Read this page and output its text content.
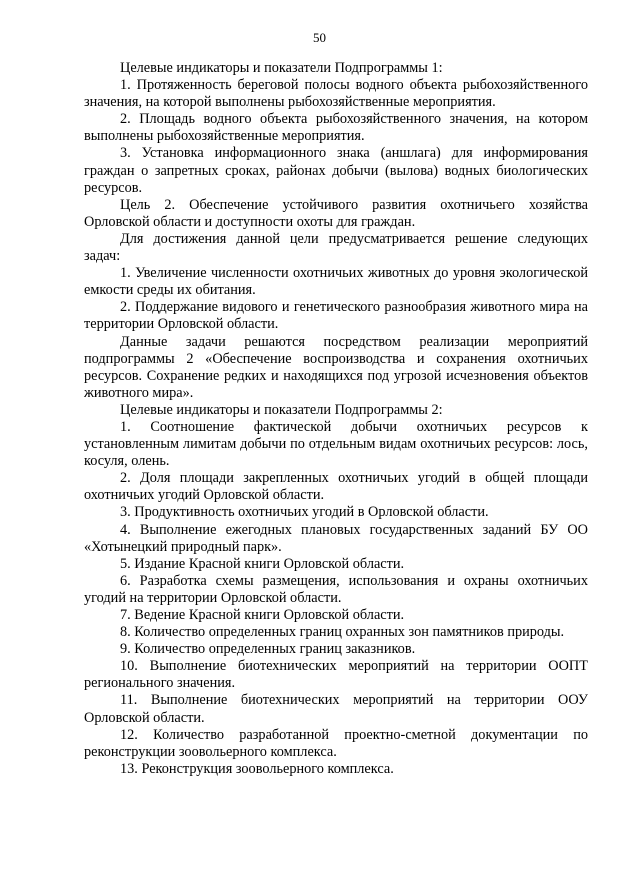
50

Целевые индикаторы и показатели Подпрограммы 1:

1. Протяженность береговой полосы водного объекта рыбохозяйственного значения, на которой выполнены рыбохозяйственные мероприятия.

2. Площадь водного объекта рыбохозяйственного значения, на котором выполнены рыбохозяйственные мероприятия.

3. Установка информационного знака (аншлага) для информирования граждан о запретных сроках, районах добычи (вылова) водных биологических ресурсов.

Цель 2. Обеспечение устойчивого развития охотничьего хозяйства Орловской области и доступности охоты для граждан.

Для достижения данной цели предусматривается решение следующих задач:

1. Увеличение численности охотничьих животных до уровня экологической емкости среды их обитания.

2. Поддержание видового и генетического разнообразия животного мира на территории Орловской области.

Данные задачи решаются посредством реализации мероприятий подпрограммы 2 «Обеспечение воспроизводства и сохранения охотничьих ресурсов. Сохранение редких и находящихся под угрозой исчезновения объектов животного мира».

Целевые индикаторы и показатели Подпрограммы 2:

1. Соотношение фактической добычи охотничьих ресурсов к установленным лимитам добычи по отдельным видам охотничьих ресурсов: лось, косуля, олень.

2. Доля площади закрепленных охотничьих угодий в общей площади охотничьих угодий Орловской области.

3. Продуктивность охотничьих угодий в Орловской области.

4. Выполнение ежегодных плановых государственных заданий БУ ОО «Хотынецкий природный парк».

5. Издание Красной книги Орловской области.

6. Разработка схемы размещения, использования и охраны охотничьих угодий на территории Орловской области.

7. Ведение Красной книги Орловской области.

8. Количество определенных границ охранных зон памятников природы.

9. Количество определенных границ заказников.

10. Выполнение биотехнических мероприятий на территории ООПТ регионального значения.

11. Выполнение биотехнических мероприятий на территории ООУ Орловской области.

12. Количество разработанной проектно-сметной документации по реконструкции зоовольерного комплекса.

13. Реконструкция зоовольерного комплекса.
